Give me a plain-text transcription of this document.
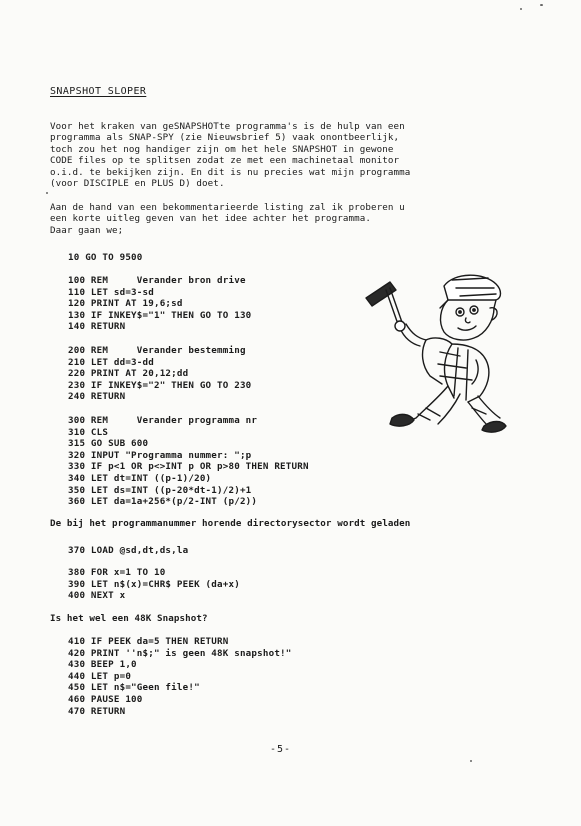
SNAPSHOT SLOPER
Voor het kraken van geSNAPSHOTte programma's is de hulp van een
programma als SNAP-SPY (zie Nieuwsbrief 5) vaak onontbeerlijk,
toch zou het nog handiger zijn om het hele SNAPSHOT in gewone
CODE files op te splitsen zodat ze met een machinetaal monitor
o.i.d. te bekijken zijn. En dit is nu precies wat mijn programma
(voor DISCIPLE en PLUS D) doet.
Aan de hand van een bekommentarieerde listing zal ik proberen u
een korte uitleg geven van het idee achter het programma.
Daar gaan we;
10 GO TO 9500
100 REM     Verander bron drive
110 LET sd=3-sd
120 PRINT AT 19,6;sd
130 IF INKEY$="1" THEN GO TO 130
140 RETURN
200 REM     Verander bestemming
210 LET dd=3-dd
220 PRINT AT 20,12;dd
230 IF INKEY$="2" THEN GO TO 230
240 RETURN
300 REM     Verander programma nr
310 CLS
315 GO SUB 600
320 INPUT "Programma nummer: ";p
330 IF p<1 OR p<>INT p OR p>80 THEN RETURN
340 LET dt=INT ((p-1)/20)
350 LET ds=INT ((p-20*dt-1)/2)+1
360 LET da=1a+256*(p/2-INT (p/2))
De bij het programmanummer horende directorysector wordt geladen
370 LOAD @sd,dt,ds,la
380 FOR x=1 TO 10
390 LET n$(x)=CHR$ PEEK (da+x)
400 NEXT x
Is het wel een 48K Snapshot?
410 IF PEEK da=5 THEN RETURN
420 PRINT ''n$;" is geen 48K snapshot!"
430 BEEP 1,0
440 LET p=0
450 LET n$="Geen file!"
460 PAUSE 100
470 RETURN
-5-
